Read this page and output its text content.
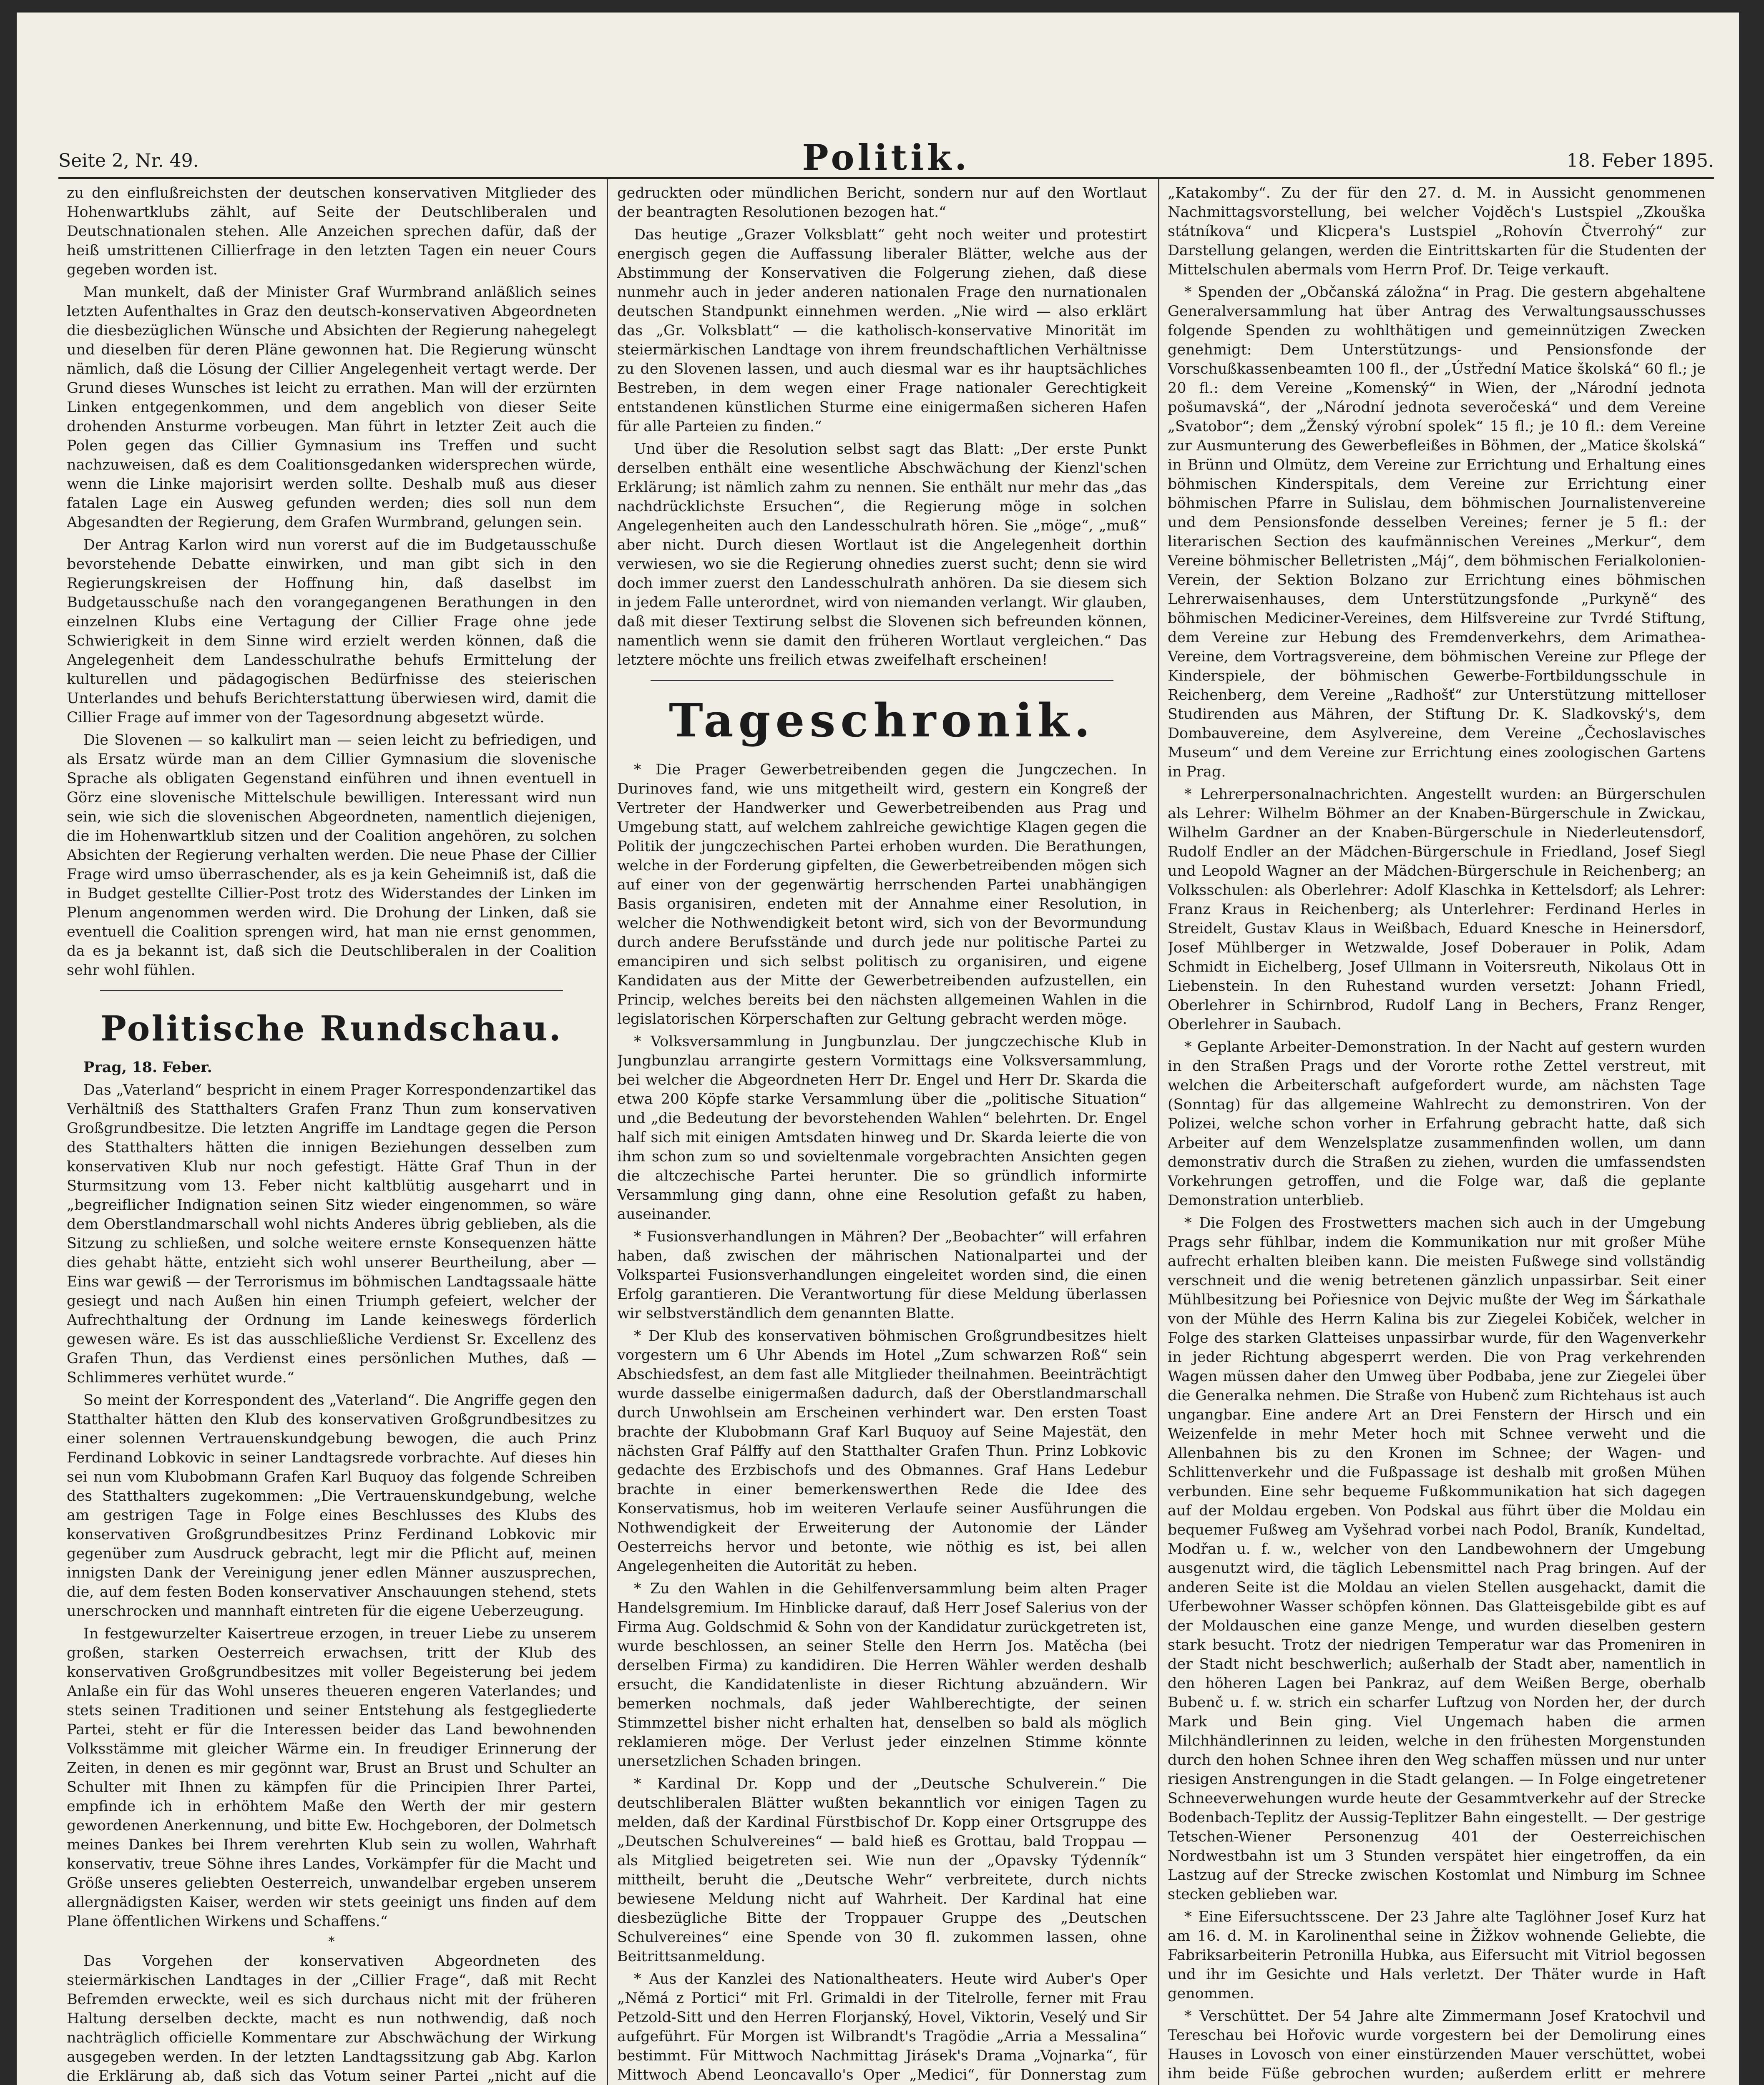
Seite 2, Nr. 49.	Politik.	18. Feber 1895.

zu den einflußreichsten der deutschen konservativen Mitglieder des Hohenwartklubs zählt, auf Seite der Deutschliberalen und Deutschnationalen stehen. Alle Anzeichen sprechen dafür, daß der heiß umstrittenen Cillierfrage in den letzten Tagen ein neuer Cours gegeben worden ist.

Man munkelt, daß der Minister Graf Wurmbrand anläßlich seines letzten Aufenthaltes in Graz den deutsch-konservativen Abgeordneten die diesbezüglichen Wünsche und Absichten der Regierung nahegelegt und dieselben für deren Pläne gewonnen hat. Die Regierung wünscht nämlich, daß die Lösung der Cillier Angelegenheit vertagt werde. Der Grund dieses Wunsches ist leicht zu errathen. Man will der erzürnten Linken entgegenkommen, und dem angeblich von dieser Seite drohenden Ansturme vorbeugen. Man führt in letzter Zeit auch die Polen gegen das Cillier Gymnasium ins Treffen und sucht nachzuweisen, daß es dem Coalitionsgedanken widersprechen würde, wenn die Linke majorisirt werden sollte. Deshalb muß aus dieser fatalen Lage ein Ausweg gefunden werden; dies soll nun dem Abgesandten der Regierung, dem Grafen Wurmbrand, gelungen sein.

Der Antrag Karlon wird nun vorerst auf die im Budgetausschuße bevorstehende Debatte einwirken, und man gibt sich in den Regierungskreisen der Hoffnung hin, daß daselbst im Budgetausschuße nach den vorangegangenen Berathungen in den einzelnen Klubs eine Vertagung der Cillier Frage ohne jede Schwierigkeit in dem Sinne wird erzielt werden können, daß die Angelegenheit dem Landesschulrathe behufs Ermittelung der kulturellen und pädagogischen Bedürfnisse des steierischen Unterlandes und behufs Berichterstattung überwiesen wird, damit die Cillier Frage auf immer von der Tagesordnung abgesetzt würde.

Die Slovenen — so kalkulirt man — seien leicht zu befriedigen, und als Ersatz würde man an dem Cillier Gymnasium die slovenische Sprache als obligaten Gegenstand einführen und ihnen eventuell in Görz eine slovenische Mittelschule bewilligen. Interessant wird nun sein, wie sich die slovenischen Abgeordneten, namentlich diejenigen, die im Hohenwartklub sitzen und der Coalition angehören, zu solchen Absichten der Regierung verhalten werden. Die neue Phase der Cillier Frage wird umso überraschender, als es ja kein Geheimniß ist, daß die in Budget gestellte Cillier-Post trotz des Widerstandes der Linken im Plenum angenommen werden wird. Die Drohung der Linken, daß sie eventuell die Coalition sprengen wird, hat man nie ernst genommen, da es ja bekannt ist, daß sich die Deutschliberalen in der Coalition sehr wohl fühlen.

Politische Rundschau.

Prag, 18. Feber.

Das „Vaterland“ bespricht in einem Prager Korrespondenzartikel das Verhältniß des Statthalters Grafen Franz Thun zum konservativen Großgrundbesitze. Die letzten Angriffe im Landtage gegen die Person des Statthalters hätten die innigen Beziehungen desselben zum konservativen Klub nur noch gefestigt. Hätte Graf Thun in der Sturmsitzung vom 13. Feber nicht kaltblütig ausgeharrt und in „begreiflicher Indignation seinen Sitz wieder eingenommen, so wäre dem Oberstlandmarschall wohl nichts Anderes übrig geblieben, als die Sitzung zu schließen, und solche weitere ernste Konsequenzen hätte dies gehabt hätte, entzieht sich wohl unserer Beurtheilung, aber — Eins war gewiß — der Terrorismus im böhmischen Landtagssaale hätte gesiegt und nach Außen hin einen Triumph gefeiert, welcher der Aufrechthaltung der Ordnung im Lande keineswegs förderlich gewesen wäre. Es ist das ausschließliche Verdienst Sr. Excellenz des Grafen Thun, das Verdienst eines persönlichen Muthes, daß — Schlimmeres verhütet wurde.“

So meint der Korrespondent des „Vaterland“. Die Angriffe gegen den Statthalter hätten den Klub des konservativen Großgrundbesitzes zu einer solennen Vertrauenskundgebung bewogen, die auch Prinz Ferdinand Lobkovic in seiner Landtagsrede vorbrachte. Auf dieses hin sei nun vom Klubobmann Grafen Karl Buquoy das folgende Schreiben des Statthalters zugekommen: „Die Vertrauenskundgebung, welche am gestrigen Tage in Folge eines Beschlusses des Klubs des konservativen Großgrundbesitzes Prinz Ferdinand Lobkovic mir gegenüber zum Ausdruck gebracht, legt mir die Pflicht auf, meinen innigsten Dank der Vereinigung jener edlen Männer auszusprechen, die, auf dem festen Boden konservativer Anschauungen stehend, stets unerschrocken und mannhaft eintreten für die eigene Ueberzeugung.

In festgewurzelter Kaisertreue erzogen, in treuer Liebe zu unserem großen, starken Oesterreich erwachsen, tritt der Klub des konservativen Großgrundbesitzes mit voller Begeisterung bei jedem Anlaße ein für das Wohl unseres theueren engeren Vaterlandes; und stets seinen Traditionen und seiner Entstehung als festgegliederte Partei, steht er für die Interessen beider das Land bewohnenden Volksstämme mit gleicher Wärme ein. In freudiger Erinnerung der Zeiten, in denen es mir gegönnt war, Brust an Brust und Schulter an Schulter mit Ihnen zu kämpfen für die Principien Ihrer Partei, empfinde ich in erhöhtem Maße den Werth der mir gestern gewordenen Anerkennung, und bitte Ew. Hochgeboren, der Dolmetsch meines Dankes bei Ihrem verehrten Klub sein zu wollen, Wahrhaft konservativ, treue Söhne ihres Landes, Vorkämpfer für die Macht und Größe unseres geliebten Oesterreich, unwandelbar ergeben unserem allergnädigsten Kaiser, werden wir stets geeinigt uns finden auf dem Plane öffentlichen Wirkens und Schaffens.“

*

Das Vorgehen der konservativen Abgeordneten des steiermärkischen Landtages in der „Cillier Frage“, daß mit Recht Befremden erweckte, weil es sich durchaus nicht mit der früheren Haltung derselben deckte, macht es nun nothwendig, daß noch nachträglich officielle Kommentare zur Abschwächung der Wirkung ausgegeben werden. In der letzten Landtagssitzung gab Abg. Karlon die Erklärung ab, daß sich das Votum seiner Partei „nicht auf die

gedruckten oder mündlichen Bericht, sondern nur auf den Wortlaut der beantragten Resolutionen bezogen hat.“

Das heutige „Grazer Volksblatt“ geht noch weiter und protestirt energisch gegen die Auffassung liberaler Blätter, welche aus der Abstimmung der Konservativen die Folgerung ziehen, daß diese nunmehr auch in jeder anderen nationalen Frage den nurnationalen deutschen Standpunkt einnehmen werden. „Nie wird — also erklärt das „Gr. Volksblatt“ — die katholisch-konservative Minorität im steiermärkischen Landtage von ihrem freundschaftlichen Verhältnisse zu den Slovenen lassen, und auch diesmal war es ihr hauptsächliches Bestreben, in dem wegen einer Frage nationaler Gerechtigkeit entstandenen künstlichen Sturme eine einigermaßen sicheren Hafen für alle Parteien zu finden.“

Und über die Resolution selbst sagt das Blatt: „Der erste Punkt derselben enthält eine wesentliche Abschwächung der Kienzl'schen Erklärung; ist nämlich zahm zu nennen. Sie enthält nur mehr das „das nachdrücklichste Ersuchen“, die Regierung möge in solchen Angelegenheiten auch den Landesschulrath hören. Sie „möge“, „muß“ aber nicht. Durch diesen Wortlaut ist die Angelegenheit dorthin verwiesen, wo sie die Regierung ohnedies zuerst sucht; denn sie wird doch immer zuerst den Landesschulrath anhören. Da sie diesem sich in jedem Falle unterordnet, wird von niemanden verlangt. Wir glauben, daß mit dieser Textirung selbst die Slovenen sich befreunden können, namentlich wenn sie damit den früheren Wortlaut vergleichen.“ Das letztere möchte uns freilich etwas zweifelhaft erscheinen!

Tageschronik.

* Die Prager Gewerbetreibenden gegen die Jungczechen. In Durinoves fand, wie uns mitgetheilt wird, gestern ein Kongreß der Vertreter der Handwerker und Gewerbetreibenden aus Prag und Umgebung statt, auf welchem zahlreiche gewichtige Klagen gegen die Politik der jungczechischen Partei erhoben wurden. Die Berathungen, welche in der Forderung gipfelten, die Gewerbetreibenden mögen sich auf einer von der gegenwärtig herrschenden Partei unabhängigen Basis organisiren, endeten mit der Annahme einer Resolution, in welcher die Nothwendigkeit betont wird, sich von der Bevormundung durch andere Berufsstände und durch jede nur politische Partei zu emancipiren und sich selbst politisch zu organisiren, und eigene Kandidaten aus der Mitte der Gewerbetreibenden aufzustellen, ein Princip, welches bereits bei den nächsten allgemeinen Wahlen in die legislatorischen Körperschaften zur Geltung gebracht werden möge.

* Volksversammlung in Jungbunzlau. Der jungczechische Klub in Jungbunzlau arrangirte gestern Vormittags eine Volksversammlung, bei welcher die Abgeordneten Herr Dr. Engel und Herr Dr. Skarda die etwa 200 Köpfe starke Versammlung über die „politische Situation“ und „die Bedeutung der bevorstehenden Wahlen“ belehrten. Dr. Engel half sich mit einigen Amtsdaten hinweg und Dr. Skarda leierte die von ihm schon zum so und sovieltenmale vorgebrachten Ansichten gegen die altczechische Partei herunter. Die so gründlich informirte Versammlung ging dann, ohne eine Resolution gefaßt zu haben, auseinander.

* Fusionsverhandlungen in Mähren? Der „Beobachter“ will erfahren haben, daß zwischen der mährischen Nationalpartei und der Volkspartei Fusionsverhandlungen eingeleitet worden sind, die einen Erfolg garantieren. Die Verantwortung für diese Meldung überlassen wir selbstverständlich dem genannten Blatte.

* Der Klub des konservativen böhmischen Großgrundbesitzes hielt vorgestern um 6 Uhr Abends im Hotel „Zum schwarzen Roß“ sein Abschiedsfest, an dem fast alle Mitglieder theilnahmen. Beeinträchtigt wurde dasselbe einigermaßen dadurch, daß der Oberstlandmarschall durch Unwohlsein am Erscheinen verhindert war. Den ersten Toast brachte der Klubobmann Graf Karl Buquoy auf Seine Majestät, den nächsten Graf Pálffy auf den Statthalter Grafen Thun. Prinz Lobkovic gedachte des Erzbischofs und des Obmannes. Graf Hans Ledebur brachte in einer bemerkenswerthen Rede die Idee des Konservatismus, hob im weiteren Verlaufe seiner Ausführungen die Nothwendigkeit der Erweiterung der Autonomie der Länder Oesterreichs hervor und betonte, wie nöthig es ist, bei allen Angelegenheiten die Autorität zu heben.

* Zu den Wahlen in die Gehilfenversammlung beim alten Prager Handelsgremium. Im Hinblicke darauf, daß Herr Josef Salerius von der Firma Aug. Goldschmid & Sohn von der Kandidatur zurückgetreten ist, wurde beschlossen, an seiner Stelle den Herrn Jos. Matěcha (bei derselben Firma) zu kandidiren. Die Herren Wähler werden deshalb ersucht, die Kandidatenliste in dieser Richtung abzuändern. Wir bemerken nochmals, daß jeder Wahlberechtigte, der seinen Stimmzettel bisher nicht erhalten hat, denselben so bald als möglich reklamieren möge. Der Verlust jeder einzelnen Stimme könnte unersetzlichen Schaden bringen.

* Kardinal Dr. Kopp und der „Deutsche Schulverein.“ Die deutschliberalen Blätter wußten bekanntlich vor einigen Tagen zu melden, daß der Kardinal Fürstbischof Dr. Kopp einer Ortsgruppe des „Deutschen Schulvereines“ — bald hieß es Grottau, bald Troppau — als Mitglied beigetreten sei. Wie nun der „Opavsky Týdenník“ mittheilt, beruht die „Deutsche Wehr“ verbreitete, durch nichts bewiesene Meldung nicht auf Wahrheit. Der Kardinal hat eine diesbezügliche Bitte der Troppauer Gruppe des „Deutschen Schulvereines“ eine Spende von 30 fl. zukommen lassen, ohne Beitrittsanmeldung.

* Aus der Kanzlei des Nationaltheaters. Heute wird Auber's Oper „Němá z Portici“ mit Frl. Grimaldi in der Titelrolle, ferner mit Frau Petzold-Sitt und den Herren Florjanský, Hovel, Viktorin, Veselý und Sir aufgeführt. Für Morgen ist Wilbrandt's Tragödie „Arria a Messalina“ bestimmt. Für Mittwoch Nachmittag Jirásek's Drama „Vojnarka“, für Mittwoch Abend Leoncavallo's Oper „Medici“, für Donnerstag zum

„Katakomby“. Zu der für den 27. d. M. in Aussicht genommenen Nachmittagsvorstellung, bei welcher Vojděch's Lustspiel „Zkouška státníkova“ und Klicpera's Lustspiel „Rohovín Čtverrohý“ zur Darstellung gelangen, werden die Eintrittskarten für die Studenten der Mittelschulen abermals vom Herrn Prof. Dr. Teige verkauft.

* Spenden der „Občanská záložna“ in Prag. Die gestern abgehaltene Generalversammlung hat über Antrag des Verwaltungsausschusses folgende Spenden zu wohlthätigen und gemeinnützigen Zwecken genehmigt: Dem Unterstützungs- und Pensionsfonde der Vorschußkassenbeamten 100 fl., der „Ústřední Matice školská“ 60 fl.; je 20 fl.: dem Vereine „Komenský“ in Wien, der „Národní jednota pošumavská“, der „Národní jednota severočeská“ und dem Vereine „Svatobor“; dem „Ženský výrobní spolek“ 15 fl.; je 10 fl.: dem Vereine zur Ausmunterung des Gewerbefleißes in Böhmen, der „Matice školská“ in Brünn und Olmütz, dem Vereine zur Errichtung und Erhaltung eines böhmischen Kinderspitals, dem Vereine zur Errichtung einer böhmischen Pfarre in Sulislau, dem böhmischen Journalistenvereine und dem Pensionsfonde desselben Vereines; ferner je 5 fl.: der literarischen Section des kaufmännischen Vereines „Merkur“, dem Vereine böhmischer Belletristen „Máj“, dem böhmischen Ferialkolonien-Verein, der Sektion Bolzano zur Errichtung eines böhmischen Lehrerwaisenhauses, dem Unterstützungsfonde „Purkyně“ des böhmischen Mediciner-Vereines, dem Hilfsvereine zur Tvrdé Stiftung, dem Vereine zur Hebung des Fremdenverkehrs, dem Arimathea-Vereine, dem Vortragsvereine, dem böhmischen Vereine zur Pflege der Kinderspiele, der böhmischen Gewerbe-Fortbildungsschule in Reichenberg, dem Vereine „Radhošť“ zur Unterstützung mittelloser Studirenden aus Mähren, der Stiftung Dr. K. Sladkovský's, dem Dombauvereine, dem Asylvereine, dem Vereine „Čechoslavisches Museum“ und dem Vereine zur Errichtung eines zoologischen Gartens in Prag.

* Lehrerpersonalnachrichten. Angestellt wurden: an Bürgerschulen als Lehrer: Wilhelm Böhmer an der Knaben-Bürgerschule in Zwickau, Wilhelm Gardner an der Knaben-Bürgerschule in Niederleutensdorf, Rudolf Endler an der Mädchen-Bürgerschule in Friedland, Josef Siegl und Leopold Wagner an der Mädchen-Bürgerschule in Reichenberg; an Volksschulen: als Oberlehrer: Adolf Klaschka in Kettelsdorf; als Lehrer: Franz Kraus in Reichenberg; als Unterlehrer: Ferdinand Herles in Streidelt, Gustav Klaus in Weißbach, Eduard Knesche in Heinersdorf, Josef Mühlberger in Wetzwalde, Josef Doberauer in Polik, Adam Schmidt in Eichelberg, Josef Ullmann in Voitersreuth, Nikolaus Ott in Liebenstein. In den Ruhestand wurden versetzt: Johann Friedl, Oberlehrer in Schirnbrod, Rudolf Lang in Bechers, Franz Renger, Oberlehrer in Saubach.

* Geplante Arbeiter-Demonstration. In der Nacht auf gestern wurden in den Straßen Prags und der Vororte rothe Zettel verstreut, mit welchen die Arbeiterschaft aufgefordert wurde, am nächsten Tage (Sonntag) für das allgemeine Wahlrecht zu demonstriren. Von der Polizei, welche schon vorher in Erfahrung gebracht hatte, daß sich Arbeiter auf dem Wenzelsplatze zusammenfinden wollen, um dann demonstrativ durch die Straßen zu ziehen, wurden die umfassendsten Vorkehrungen getroffen, und die Folge war, daß die geplante Demonstration unterblieb.

* Die Folgen des Frostwetters machen sich auch in der Umgebung Prags sehr fühlbar, indem die Kommunikation nur mit großer Mühe aufrecht erhalten bleiben kann. Die meisten Fußwege sind vollständig verschneit und die wenig betretenen gänzlich unpassirbar. Seit einer Mühlbesitzung bei Pořiesnice von Dejvic mußte der Weg im Šárkathale von der Mühle des Herrn Kalina bis zur Ziegelei Kobiček, welcher in Folge des starken Glatteises unpassirbar wurde, für den Wagenverkehr in jeder Richtung abgesperrt werden. Die von Prag verkehrenden Wagen müssen daher den Umweg über Podbaba, jene zur Ziegelei über die Generalka nehmen. Die Straße von Hubenč zum Richtehaus ist auch ungangbar. Eine andere Art an Drei Fenstern der Hirsch und ein Weizenfelde in mehr Meter hoch mit Schnee verweht und die Allenbahnen bis zu den Kronen im Schnee; der Wagen- und Schlittenverkehr und die Fußpassage ist deshalb mit großen Mühen verbunden. Eine sehr bequeme Fußkommunikation hat sich dagegen auf der Moldau ergeben. Von Podskal aus führt über die Moldau ein bequemer Fußweg am Vyšehrad vorbei nach Podol, Braník, Kundeltad, Modřan u. f. w., welcher von den Landbewohnern der Umgebung ausgenutzt wird, die täglich Lebensmittel nach Prag bringen. Auf der anderen Seite ist die Moldau an vielen Stellen ausgehackt, damit die Uferbewohner Wasser schöpfen können. Das Glatteisgebilde gibt es auf der Moldauschen eine ganze Menge, und wurden dieselben gestern stark besucht. Trotz der niedrigen Temperatur war das Promeniren in der Stadt nicht beschwerlich; außerhalb der Stadt aber, namentlich in den höheren Lagen bei Pankraz, auf dem Weißen Berge, oberhalb Bubenč u. f. w. strich ein scharfer Luftzug von Norden her, der durch Mark und Bein ging. Viel Ungemach haben die armen Milchhändlerinnen zu leiden, welche in den frühesten Morgenstunden durch den hohen Schnee ihren den Weg schaffen müssen und nur unter riesigen Anstrengungen in die Stadt gelangen. — In Folge eingetretener Schneeverwehungen wurde heute der Gesammtverkehr auf der Strecke Bodenbach-Teplitz der Aussig-Teplitzer Bahn eingestellt. — Der gestrige Tetschen-Wiener Personenzug 401 der Oesterreichischen Nordwestbahn ist um 3 Stunden verspätet hier eingetroffen, da ein Lastzug auf der Strecke zwischen Kostomlat und Nimburg im Schnee stecken geblieben war.

* Eine Eifersuchtsscene. Der 23 Jahre alte Taglöhner Josef Kurz hat am 16. d. M. in Karolinenthal seine in Žižkov wohnende Geliebte, die Fabriksarbeiterin Petronilla Hubka, aus Eifersucht mit Vitriol begossen und ihr im Gesichte und Hals verletzt. Der Thäter wurde in Haft genommen.

* Verschüttet. Der 54 Jahre alte Zimmermann Josef Kratochvil und Tereschau bei Hořovic wurde vorgestern bei der Demolirung eines Hauses in Lovosch von einer einstürzenden Mauer verschüttet, wobei ihm beide Füße gebrochen wurden; außerdem erlitt er mehrere
